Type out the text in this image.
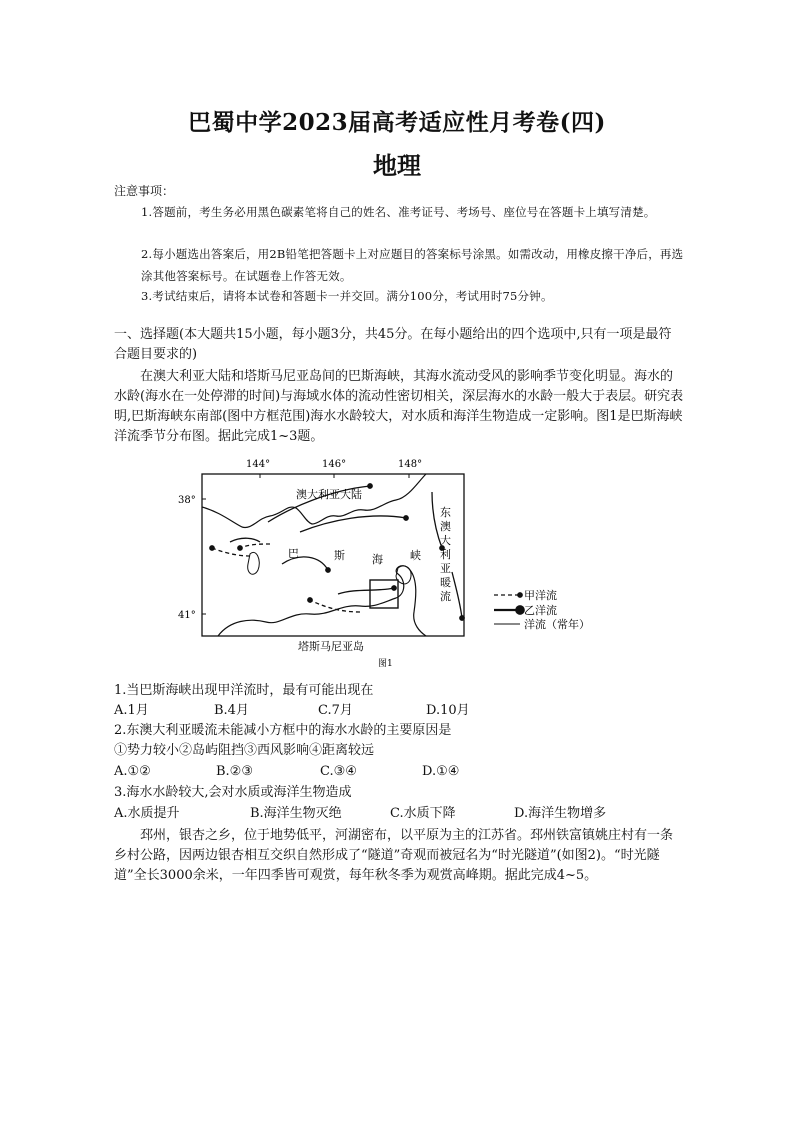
巴蜀中学2023届高考适应性月考卷(四)
地理
注意事项：
1.答题前，考生务必用黑色碳素笔将自己的姓名、准考证号、考场号、座位号在答题卡上填写清楚。
2.每小题选出答案后，用2B铅笔把答题卡上对应题目的答案标号涂黑。如需改动，用橡皮擦干净后，再选涂其他答案标号。在试题卷上作答无效。
3.考试结束后，请将本试卷和答题卡一并交回。满分100分，考试用时75分钟。
一、选择题(本大题共15小题，每小题3分，共45分。在每小题给出的四个选项中,只有一项是最符合题目要求的)
在澳大利亚大陆和塔斯马尼亚岛间的巴斯海峡，其海水流动受风的影响季节变化明显。海水的水龄(海水在一处停滞的时间)与海域水体的流动性密切相关，深层海水的水龄一般大于表层。研究表明,巴斯海峡东南部(图中方框范围)海水水龄较大，对水质和海洋生物造成一定影响。图1是巴斯海峡洋流季节分布图。据此完成1~3题。
144°	146°	148°
38°
41°
澳大利亚大陆
巴	斯 海 峡
塔斯马尼亚岛
东
澳
大
利
亚
暖
流	甲洋流
乙洋流
洋流（常年）
图1
1.当巴斯海峡出现甲洋流时，最有可能出现在
A.1月	B.4月	C.7月	D.10月
2.东澳大利亚暖流未能减小方框中的海水水龄的主要原因是
①势力较小②岛屿阻挡③西风影响④距离较远
A.①②	B.②③	C.③④	D.①④
3.海水水龄较大,会对水质或海洋生物造成
A.水质提升	B.海洋生物灭绝	C.水质下降	D.海洋生物增多
邳州，银杏之乡，位于地势低平，河湖密布，以平原为主的江苏省。邳州铁富镇姚庄村有一条乡村公路，因两边银杏相互交织自然形成了“隧道”奇观而被冠名为“时光隧道”(如图2)。“时光隧道”全长3000余米，一年四季皆可观赏，每年秋冬季为观赏高峰期。据此完成4~5。
